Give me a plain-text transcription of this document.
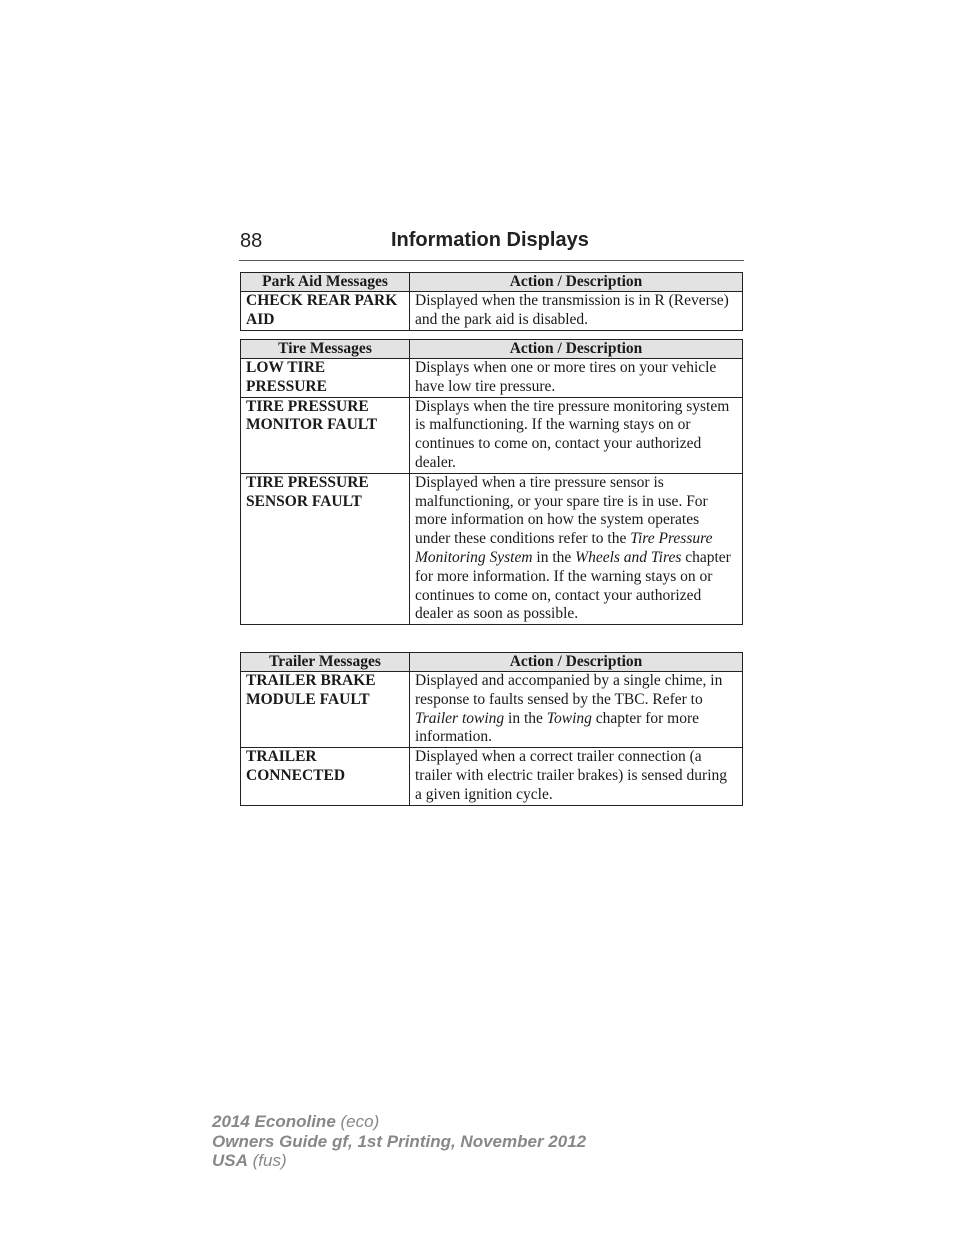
88	Information Displays
Park Aid Messages	Action / Description
CHECK REAR PARK AID	Displayed when the transmission is in R (Reverse) and the park aid is disabled.
Tire Messages	Action / Description
LOW TIRE PRESSURE	Displays when one or more tires on your vehicle have low tire pressure.
TIRE PRESSURE MONITOR FAULT	Displays when the tire pressure monitoring system is malfunctioning. If the warning stays on or continues to come on, contact your authorized dealer.
TIRE PRESSURE SENSOR FAULT	Displayed when a tire pressure sensor is malfunctioning, or your spare tire is in use. For more information on how the system operates under these conditions refer to the Tire Pressure Monitoring System in the Wheels and Tires chapter for more information. If the warning stays on or continues to come on, contact your authorized dealer as soon as possible.
Trailer Messages	Action / Description
TRAILER BRAKE MODULE FAULT	Displayed and accompanied by a single chime, in response to faults sensed by the TBC. Refer to Trailer towing in the Towing chapter for more information.
TRAILER CONNECTED	Displayed when a correct trailer connection (a trailer with electric trailer brakes) is sensed during a given ignition cycle.
2014 Econoline (eco)
Owners Guide gf, 1st Printing, November 2012
USA (fus)
